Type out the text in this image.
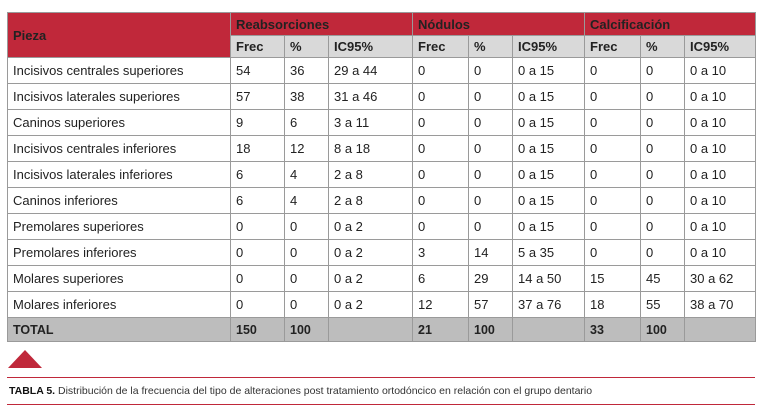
Pieza	Reabsorciones			Nódulos			Calcificación		
	Frec	%	IC95%	Frec	%	IC95%	Frec	%	IC95%
Incisivos centrales superiores	54	36	29 a 44	0	0	0 a 15	0	0	0 a 10
Incisivos laterales superiores	57	38	31 a 46	0	0	0 a 15	0	0	0 a 10
Caninos superiores	9	6	3 a 11	0	0	0 a 15	0	0	0 a 10
Incisivos centrales inferiores	18	12	8 a 18	0	0	0 a 15	0	0	0 a 10
Incisivos laterales inferiores	6	4	2 a 8	0	0	0 a 15	0	0	0 a 10
Caninos inferiores	6	4	2 a 8	0	0	0 a 15	0	0	0 a 10
Premolares superiores	0	0	0 a 2	0	0	0 a 15	0	0	0 a 10
Premolares inferiores	0	0	0 a 2	3	14	5 a 35	0	0	0 a 10
Molares superiores	0	0	0 a 2	6	29	14 a 50	15	45	30 a 62
Molares inferiores	0	0	0 a 2	12	57	37 a 76	18	55	38 a 70
TOTAL	150	100		21	100		33	100	
TABLA 5. Distribución de la frecuencia del tipo de alteraciones post tratamiento ortodóncico en relación con el grupo dentario
